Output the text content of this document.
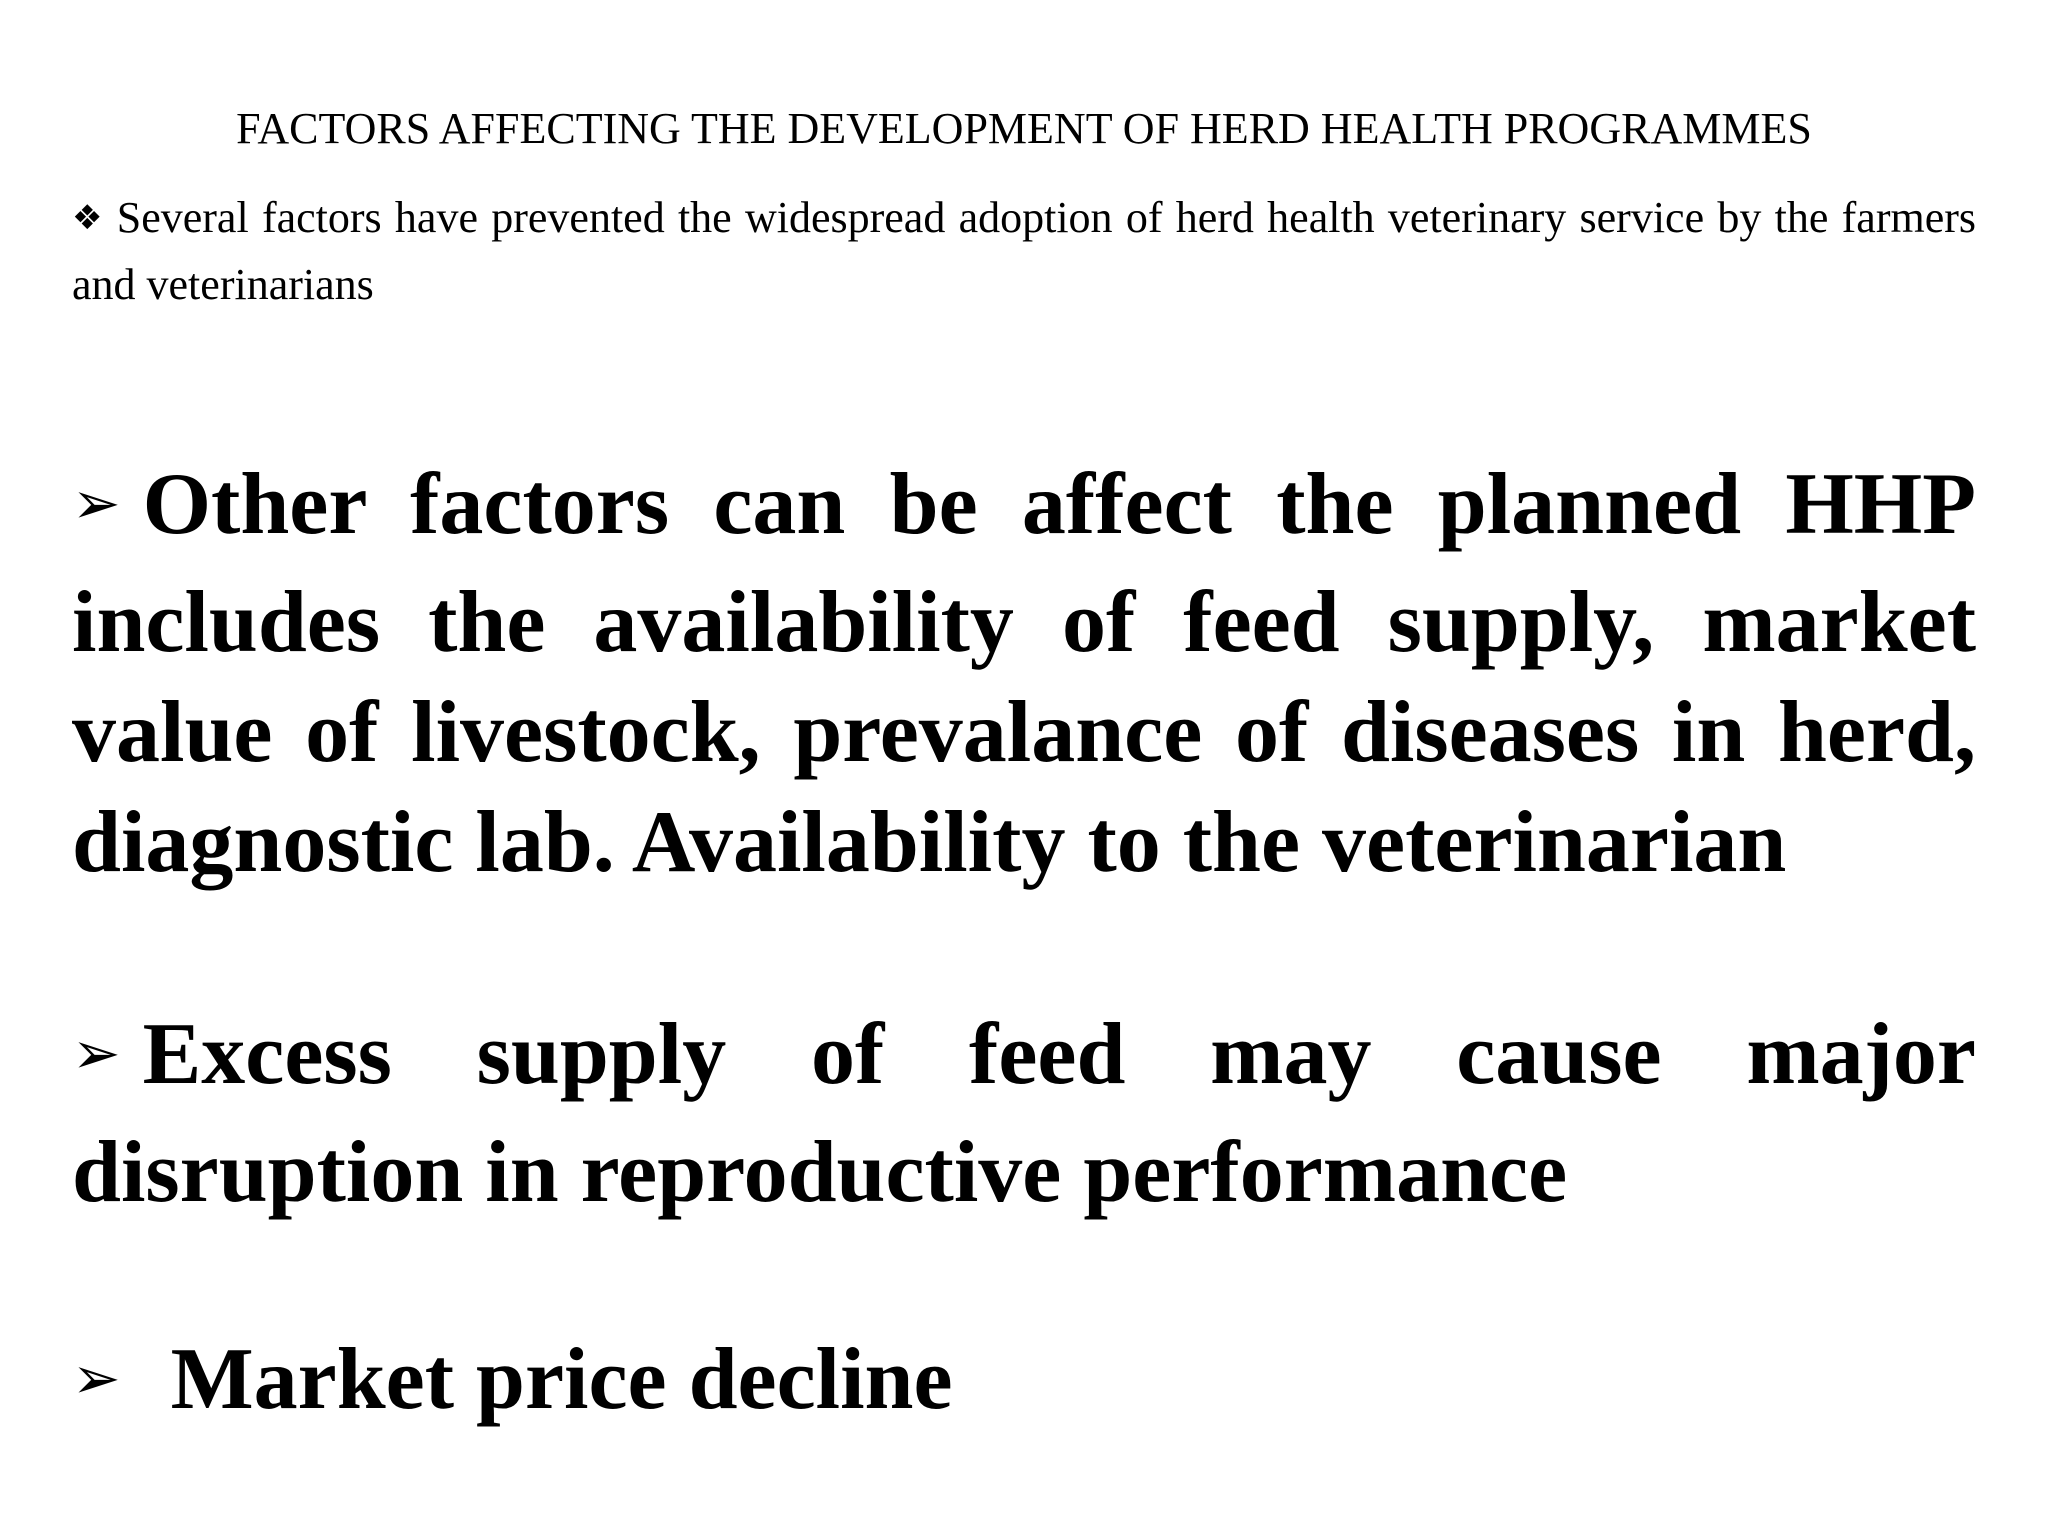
FACTORS AFFECTING THE DEVELOPMENT OF HERD HEALTH PROGRAMMES

❖ Several factors have prevented the widespread adoption of herd health veterinary service by the farmers and veterinarians

➢ Other factors can be affect the planned HHP includes the availability of feed supply, market value of livestock, prevalance of diseases in herd, diagnostic lab. Availability to the veterinarian

➢ Excess supply of feed may cause major disruption in reproductive performance

➢ Market price decline
